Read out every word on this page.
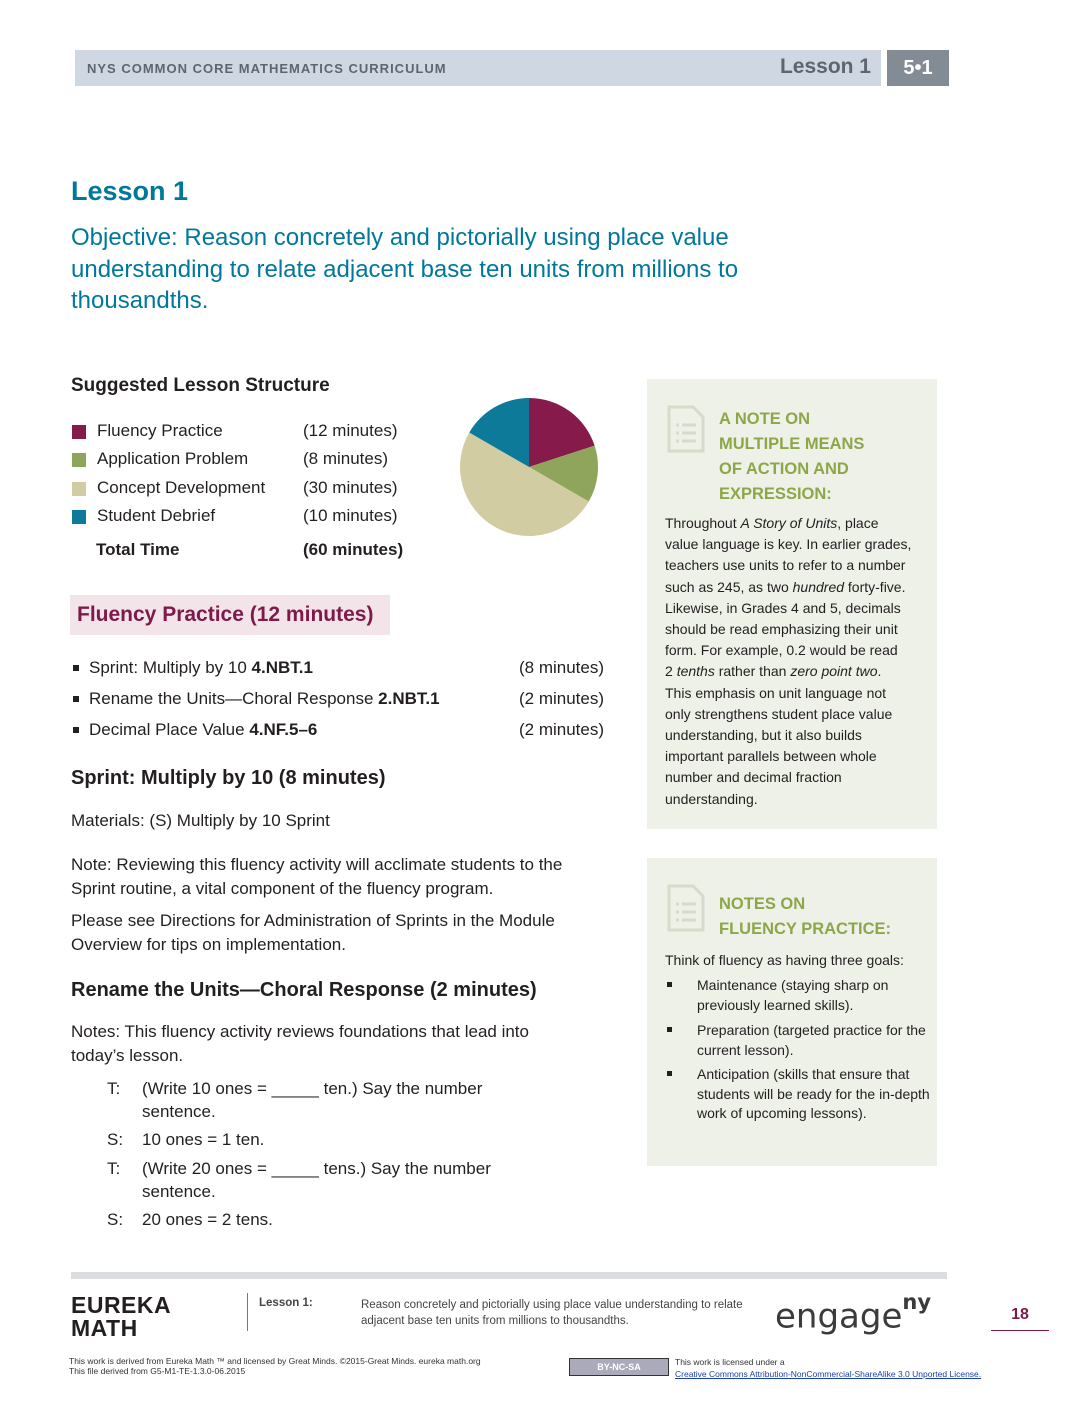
NYS COMMON CORE MATHEMATICS CURRICULUM	Lesson 1	5•1
Lesson 1
Objective: Reason concretely and pictorially using place value understanding to relate adjacent base ten units from millions to thousandths.
Suggested Lesson Structure
Fluency Practice	(12 minutes)
Application Problem	(8 minutes)
Concept Development (30 minutes)
Student Debrief	(10 minutes)
Total Time	(60 minutes)
Fluency Practice (12 minutes)
Sprint: Multiply by 10 4.NBT.1	(8 minutes)
Rename the Units—Choral Response 2.NBT.1	(2 minutes)
Decimal Place Value 4.NF.5–6	(2 minutes)
Sprint: Multiply by 10 (8 minutes)
Materials: (S) Multiply by 10 Sprint
Note: Reviewing this fluency activity will acclimate students to the Sprint routine, a vital component of the fluency program.
Please see Directions for Administration of Sprints in the Module Overview for tips on implementation.
Rename the Units—Choral Response (2 minutes)
Notes: This fluency activity reviews foundations that lead into today’s lesson.
T: (Write 10 ones = _____ ten.) Say the number sentence.
S: 10 ones = 1 ten.
T: (Write 20 ones = _____ tens.) Say the number sentence.
S: 20 ones = 2 tens.
A NOTE ON
MULTIPLE MEANS
OF ACTION AND
EXPRESSION:
Throughout A Story of Units, place
value language is key. In earlier grades,
teachers use units to refer to a number
such as 245, as two hundred forty-five.
Likewise, in Grades 4 and 5, decimals
should be read emphasizing their unit
form. For example, 0.2 would be read
2 tenths rather than zero point two.
This emphasis on unit language not
only strengthens student place value
understanding, but it also builds
important parallels between whole
number and decimal fraction
understanding.
NOTES ON
FLUENCY PRACTICE:
Think of fluency as having three goals:
Maintenance (staying sharp on previously learned skills).
Preparation (targeted practice for the current lesson).
Anticipation (skills that ensure that students will be ready for the in-depth work of upcoming lessons).
EUREKA
MATH
Lesson 1:	Reason concretely and pictorially using place value understanding to relate adjacent base ten units from millions to thousandths.	engage$^{ny}$
18
This work is derived from Eureka Math ™ and licensed by Great Minds. ©2015-Great Minds. eureka math.org
This file derived from G5-M1-TE-1.3.0-06.2015	BY-NC-SA	This work is licensed under a
Creative Commons Attribution-NonCommercial-ShareAlike 3.0 Unported License.
